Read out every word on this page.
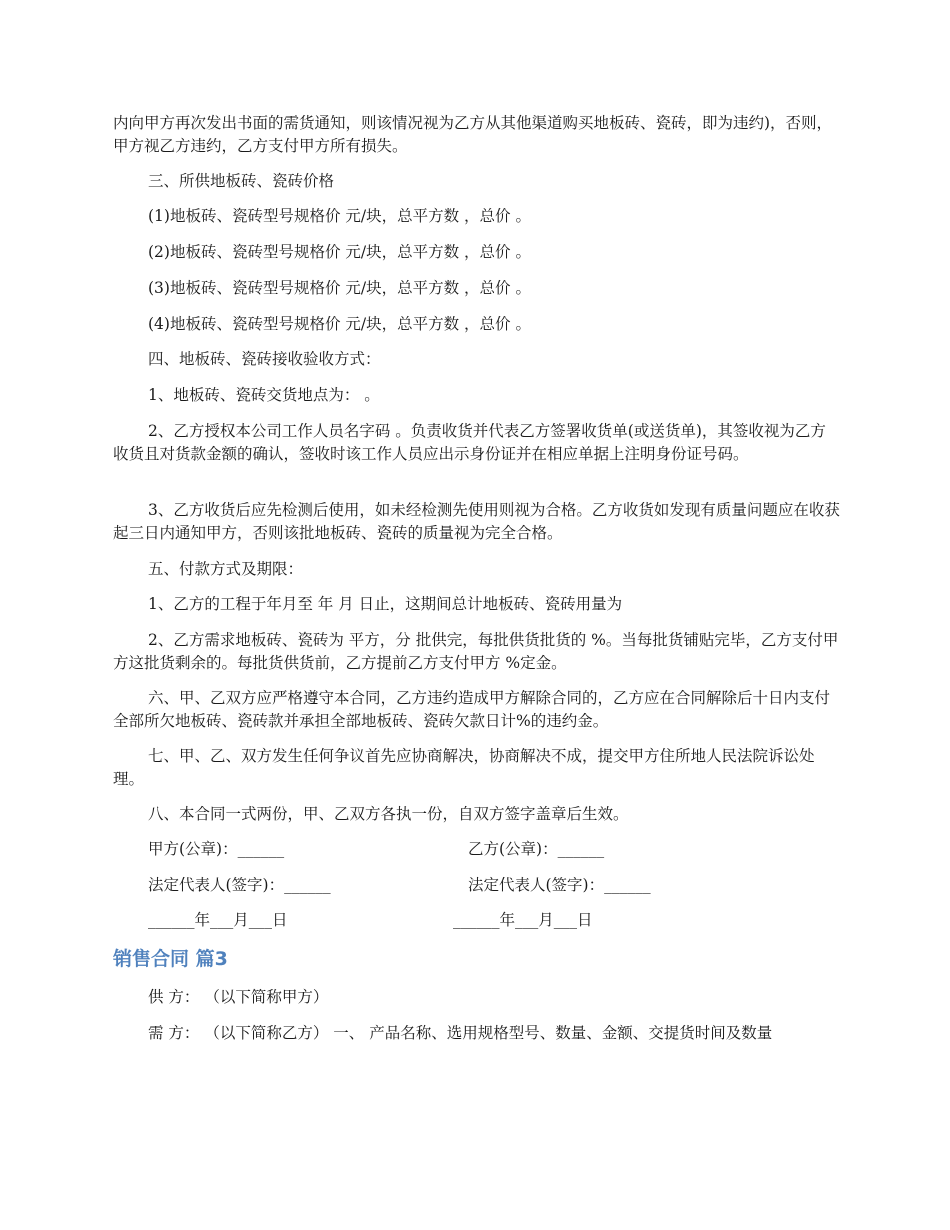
内向甲方再次发出书面的需货通知，则该情况视为乙方从其他渠道购买地板砖、瓷砖，即为违约)，否则，甲方视乙方违约，乙方支付甲方所有损失。
三、所供地板砖、瓷砖价格
(1)地板砖、瓷砖型号规格价 元/块，总平方数 ，总价 。
(2)地板砖、瓷砖型号规格价 元/块，总平方数 ，总价 。
(3)地板砖、瓷砖型号规格价 元/块，总平方数 ，总价 。
(4)地板砖、瓷砖型号规格价 元/块，总平方数 ，总价 。
四、地板砖、瓷砖接收验收方式：
1、地板砖、瓷砖交货地点为： 。
2、乙方授权本公司工作人员名字码 。负责收货并代表乙方签署收货单(或送货单)，其签收视为乙方收货且对货款金额的确认，签收时该工作人员应出示身份证并在相应单据上注明身份证号码。
3、乙方收货后应先检测后使用，如未经检测先使用则视为合格。乙方收货如发现有质量问题应在收获起三日内通知甲方，否则该批地板砖、瓷砖的质量视为完全合格。
五、付款方式及期限：
1、乙方的工程于年月至 年 月 日止，这期间总计地板砖、瓷砖用量为
2、乙方需求地板砖、瓷砖为 平方，分 批供完，每批供货批货的 %。当每批货铺贴完毕，乙方支付甲方这批货剩余的。每批货供货前，乙方提前乙方支付甲方 %定金。
六、甲、乙双方应严格遵守本合同，乙方违约造成甲方解除合同的，乙方应在合同解除后十日内支付全部所欠地板砖、瓷砖款并承担全部地板砖、瓷砖欠款日计%的违约金。
七、甲、乙、双方发生任何争议首先应协商解决，协商解决不成，提交甲方住所地人民法院诉讼处理。
八、本合同一式两份，甲、乙双方各执一份，自双方签字盖章后生效。
甲方(公章)：______	乙方(公章)：______
法定代表人(签字)：______	法定代表人(签字)：______
______年___月___日	______年___月___日
销售合同 篇3
供 方： （以下简称甲方）
需 方： （以下简称乙方） 一、 产品名称、选用规格型号、数量、金额、交提货时间及数量
